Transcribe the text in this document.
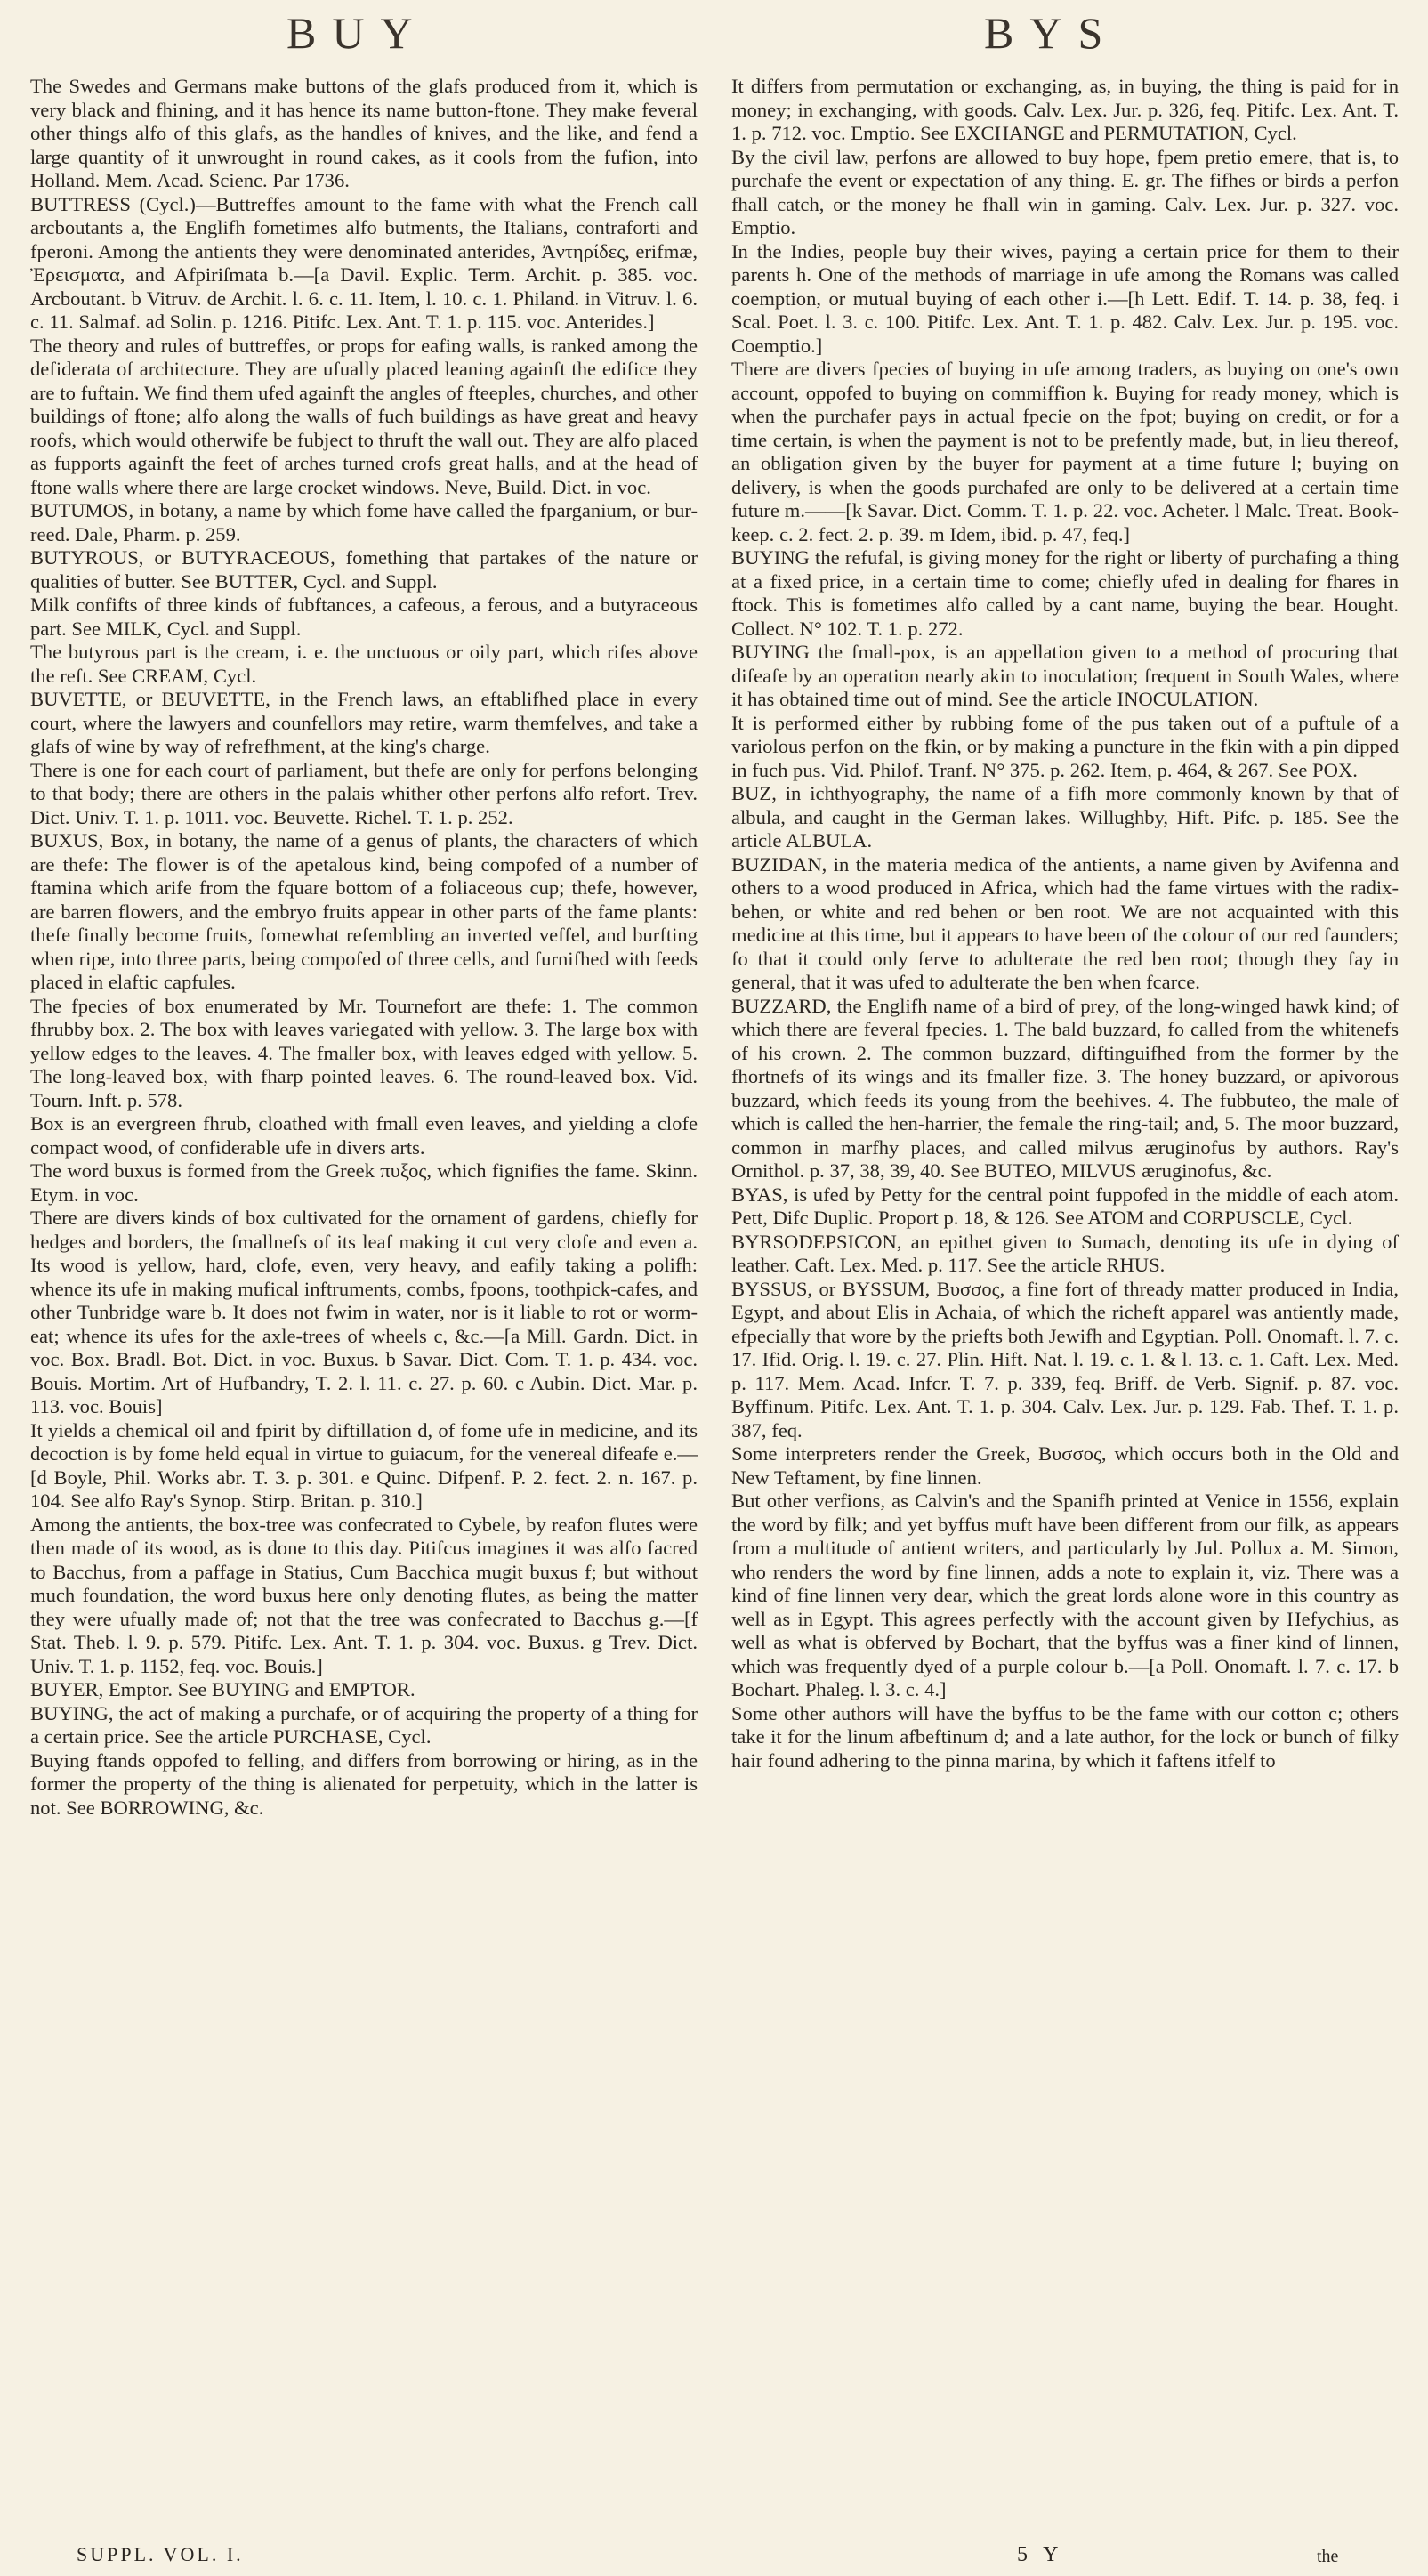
BUY	BYS

The Swedes and Germans make buttons of the glafs produced from it, which is very black and fhining, and it has hence its name button-ftone. They make feveral other things alfo of this glafs, as the handles of knives, and the like, and fend a large quantity of it unwrought in round cakes, as it cools from the fufion, into Holland. Mem. Acad. Scienc. Par 1736.

BUTTRESS (Cycl.)—Buttreffes amount to the fame with what the French call arcboutants a, the Englifh fometimes alfo butments, the Italians, contraforti and fperoni. Among the antients they were denominated anterides, Ἀντηρίδες, erifmæ, Ἐρεισματα, and Afpiriſmata b.—[a Davil. Explic. Term. Archit. p. 385. voc. Arcboutant. b Vitruv. de Archit. l. 6. c. 11. Item, l. 10. c. 1. Philand. in Vitruv. l. 6. c. 11. Salmaf. ad Solin. p. 1216. Pitifc. Lex. Ant. T. 1. p. 115. voc. Anterides.]

The theory and rules of buttreffes, or props for eafing walls, is ranked among the defiderata of architecture. They are ufually placed leaning againft the edifice they are to fuftain. We find them ufed againft the angles of fteeples, churches, and other buildings of ftone; alfo along the walls of fuch buildings as have great and heavy roofs, which would otherwife be fubject to thruft the wall out. They are alfo placed as fupports againft the feet of arches turned crofs great halls, and at the head of ftone walls where there are large crocket windows. Neve, Build. Dict. in voc.

BUTUMOS, in botany, a name by which fome have called the fparganium, or bur-reed. Dale, Pharm. p. 259.

BUTYROUS, or BUTYRACEOUS, fomething that partakes of the nature or qualities of butter. See BUTTER, Cycl. and Suppl.

Milk confifts of three kinds of fubftances, a cafeous, a ferous, and a butyraceous part. See MILK, Cycl. and Suppl.

The butyrous part is the cream, i. e. the unctuous or oily part, which rifes above the reft. See CREAM, Cycl.

BUVETTE, or BEUVETTE, in the French laws, an eftablifhed place in every court, where the lawyers and counfellors may retire, warm themfelves, and take a glafs of wine by way of refrefhment, at the king's charge.

There is one for each court of parliament, but thefe are only for perfons belonging to that body; there are others in the palais whither other perfons alfo refort. Trev. Dict. Univ. T. 1. p. 1011. voc. Beuvette. Richel. T. 1. p. 252.

BUXUS, Box, in botany, the name of a genus of plants, the characters of which are thefe: The flower is of the apetalous kind, being compofed of a number of ftamina which arife from the fquare bottom of a foliaceous cup; thefe, however, are barren flowers, and the embryo fruits appear in other parts of the fame plants: thefe finally become fruits, fomewhat refembling an inverted veffel, and burfting when ripe, into three parts, being compofed of three cells, and furnifhed with feeds placed in elaftic capfules.

The fpecies of box enumerated by Mr. Tournefort are thefe: 1. The common fhrubby box. 2. The box with leaves variegated with yellow. 3. The large box with yellow edges to the leaves. 4. The fmaller box, with leaves edged with yellow. 5. The long-leaved box, with fharp pointed leaves. 6. The round-leaved box. Vid. Tourn. Inft. p. 578.

Box is an evergreen fhrub, cloathed with fmall even leaves, and yielding a clofe compact wood, of confiderable ufe in divers arts.

The word buxus is formed from the Greek πυξος, which fignifies the fame. Skinn. Etym. in voc.

There are divers kinds of box cultivated for the ornament of gardens, chiefly for hedges and borders, the fmallnefs of its leaf making it cut very clofe and even a. Its wood is yellow, hard, clofe, even, very heavy, and eafily taking a polifh: whence its ufe in making mufical inftruments, combs, fpoons, toothpick-cafes, and other Tunbridge ware b. It does not fwim in water, nor is it liable to rot or worm-eat; whence its ufes for the axle-trees of wheels c, &c.—[a Mill. Gardn. Dict. in voc. Box. Bradl. Bot. Dict. in voc. Buxus. b Savar. Dict. Com. T. 1. p. 434. voc. Bouis. Mortim. Art of Hufbandry, T. 2. l. 11. c. 27. p. 60. c Aubin. Dict. Mar. p. 113. voc. Bouis]

It yields a chemical oil and fpirit by diftillation d, of fome ufe in medicine, and its decoction is by fome held equal in virtue to guiacum, for the venereal difeafe e.—[d Boyle, Phil. Works abr. T. 3. p. 301. e Quinc. Difpenf. P. 2. fect. 2. n. 167. p. 104. See alfo Ray's Synop. Stirp. Britan. p. 310.]

Among the antients, the box-tree was confecrated to Cybele, by reafon flutes were then made of its wood, as is done to this day. Pitifcus imagines it was alfo facred to Bacchus, from a paffage in Statius, Cum Bacchica mugit buxus f; but without much foundation, the word buxus here only denoting flutes, as being the matter they were ufually made of; not that the tree was confecrated to Bacchus g.—[f Stat. Theb. l. 9. p. 579. Pitifc. Lex. Ant. T. 1. p. 304. voc. Buxus. g Trev. Dict. Univ. T. 1. p. 1152, feq. voc. Bouis.]

BUYER, Emptor. See BUYING and EMPTOR.

BUYING, the act of making a purchafe, or of acquiring the property of a thing for a certain price. See the article PURCHASE, Cycl.

Buying ftands oppofed to felling, and differs from borrowing or hiring, as in the former the property of the thing is alienated for perpetuity, which in the latter is not. See BORROWING, &c.

It differs from permutation or exchanging, as, in buying, the thing is paid for in money; in exchanging, with goods. Calv. Lex. Jur. p. 326, feq. Pitifc. Lex. Ant. T. 1. p. 712. voc. Emptio. See EXCHANGE and PERMUTATION, Cycl.

By the civil law, perfons are allowed to buy hope, fpem pretio emere, that is, to purchafe the event or expectation of any thing. E. gr. The fifhes or birds a perfon fhall catch, or the money he fhall win in gaming. Calv. Lex. Jur. p. 327. voc. Emptio.

In the Indies, people buy their wives, paying a certain price for them to their parents h. One of the methods of marriage in ufe among the Romans was called coemption, or mutual buying of each other i.—[h Lett. Edif. T. 14. p. 38, feq. i Scal. Poet. l. 3. c. 100. Pitifc. Lex. Ant. T. 1. p. 482. Calv. Lex. Jur. p. 195. voc. Coemptio.]

There are divers fpecies of buying in ufe among traders, as buying on one's own account, oppofed to buying on commiffion k. Buying for ready money, which is when the purchafer pays in actual fpecie on the fpot; buying on credit, or for a time certain, is when the payment is not to be prefently made, but, in lieu thereof, an obligation given by the buyer for payment at a time future l; buying on delivery, is when the goods purchafed are only to be delivered at a certain time future m.——[k Savar. Dict. Comm. T. 1. p. 22. voc. Acheter. l Malc. Treat. Book-keep. c. 2. fect. 2. p. 39. m Idem, ibid. p. 47, feq.]

BUYING the refufal, is giving money for the right or liberty of purchafing a thing at a fixed price, in a certain time to come; chiefly ufed in dealing for fhares in ftock. This is fometimes alfo called by a cant name, buying the bear. Hought. Collect. N° 102. T. 1. p. 272.

BUYING the fmall-pox, is an appellation given to a method of procuring that difeafe by an operation nearly akin to inoculation; frequent in South Wales, where it has obtained time out of mind. See the article INOCULATION.

It is performed either by rubbing fome of the pus taken out of a puftule of a variolous perfon on the fkin, or by making a puncture in the fkin with a pin dipped in fuch pus. Vid. Philof. Tranf. N° 375. p. 262. Item, p. 464, & 267. See POX.

BUZ, in ichthyography, the name of a fifh more commonly known by that of albula, and caught in the German lakes. Willughby, Hift. Pifc. p. 185. See the article ALBULA.

BUZIDAN, in the materia medica of the antients, a name given by Avifenna and others to a wood produced in Africa, which had the fame virtues with the radix-behen, or white and red behen or ben root. We are not acquainted with this medicine at this time, but it appears to have been of the colour of our red faunders; fo that it could only ferve to adulterate the red ben root; though they fay in general, that it was ufed to adulterate the ben when fcarce.

BUZZARD, the Englifh name of a bird of prey, of the long-winged hawk kind; of which there are feveral fpecies. 1. The bald buzzard, fo called from the whitenefs of his crown. 2. The common buzzard, diftinguifhed from the former by the fhortnefs of its wings and its fmaller fize. 3. The honey buzzard, or apivorous buzzard, which feeds its young from the beehives. 4. The fubbuteo, the male of which is called the hen-harrier, the female the ring-tail; and, 5. The moor buzzard, common in marfhy places, and called milvus æruginofus by authors. Ray's Ornithol. p. 37, 38, 39, 40. See BUTEO, MILVUS æruginofus, &c.

BYAS, is ufed by Petty for the central point fuppofed in the middle of each atom. Pett, Difc Duplic. Proport p. 18, & 126. See ATOM and CORPUSCLE, Cycl.

BYRSODEPSICON, an epithet given to Sumach, denoting its ufe in dying of leather. Caft. Lex. Med. p. 117. See the article RHUS.

BYSSUS, or BYSSUM, Βυσσος, a fine fort of thready matter produced in India, Egypt, and about Elis in Achaia, of which the richeft apparel was antiently made, efpecially that wore by the priefts both Jewifh and Egyptian. Poll. Onomaft. l. 7. c. 17. Ifid. Orig. l. 19. c. 27. Plin. Hift. Nat. l. 19. c. 1. & l. 13. c. 1. Caft. Lex. Med. p. 117. Mem. Acad. Infcr. T. 7. p. 339, feq. Briff. de Verb. Signif. p. 87. voc. Byffinum. Pitifc. Lex. Ant. T. 1. p. 304. Calv. Lex. Jur. p. 129. Fab. Thef. T. 1. p. 387, feq.

Some interpreters render the Greek, Βυσσος, which occurs both in the Old and New Teftament, by fine linnen.

But other verfions, as Calvin's and the Spanifh printed at Venice in 1556, explain the word by filk; and yet byffus muft have been different from our filk, as appears from a multitude of antient writers, and particularly by Jul. Pollux a. M. Simon, who renders the word by fine linnen, adds a note to explain it, viz. There was a kind of fine linnen very dear, which the great lords alone wore in this country as well as in Egypt. This agrees perfectly with the account given by Hefychius, as well as what is obferved by Bochart, that the byffus was a finer kind of linnen, which was frequently dyed of a purple colour b.—[a Poll. Onomaft. l. 7. c. 17. b Bochart. Phaleg. l. 3. c. 4.]

Some other authors will have the byffus to be the fame with our cotton c; others take it for the linum afbeftinum d; and a late author, for the lock or bunch of filky hair found adhering to the pinna marina, by which it faftens itfelf to

SUPPL. VOL. I.	5 Y	the
